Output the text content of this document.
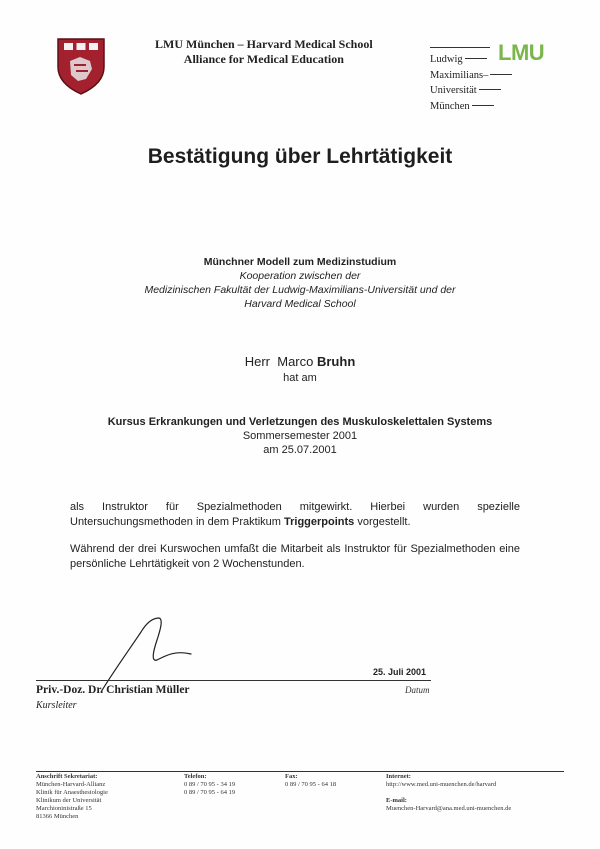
LMU München – Harvard Medical School
Alliance for Medical Education	LMU
Ludwig
Maximilians–
Universität
München
Bestätigung über Lehrtätigkeit
Münchner Modell zum Medizinstudium
Kooperation zwischen der
Medizinischen Fakultät der Ludwig-Maximilians-Universität und der
Harvard Medical School
Herr Marco Bruhn
hat am
Kursus Erkrankungen und Verletzungen des Muskuloskelettalen Systems
Sommersemester 2001
am 25.07.2001
als Instruktor für Spezialmethoden mitgewirkt. Hierbei wurden spezielle Untersuchungsmethoden in dem Praktikum Triggerpoints vorgestellt.
Während der drei Kurswochen umfaßt die Mitarbeit als Instruktor für Spezialmethoden eine persönliche Lehrtätigkeit von 2 Wochenstunden.
25. Juli 2001
Datum
Priv.-Doz. Dr. Christian Müller
Kursleiter
Anschrift Sekretariat:
München-Harvard-Allianz
Klinik für Anaesthesiologie
Klinikum der Universität
Marchioninistraße 15
81366 München
Telefon:
0 89 / 70 95 - 34 19
0 89 / 70 95 - 64 19
Fax:
0 89 / 70 95 - 64 18
Internet:
http://www.med.uni-muenchen.de/harvard
E-mail:
Muenchen-Harvard@ana.med.uni-muenchen.de
